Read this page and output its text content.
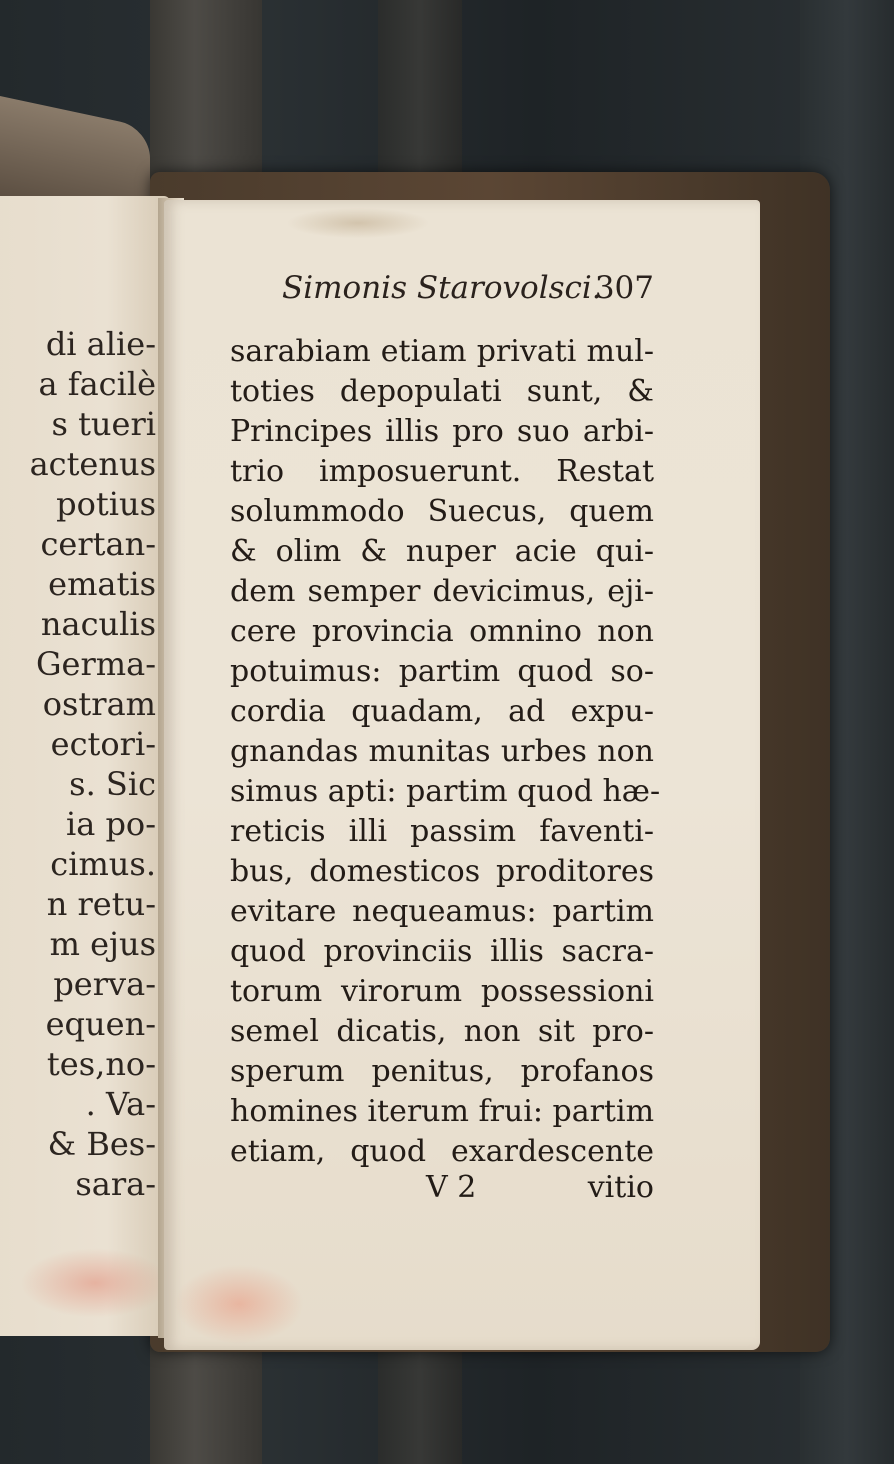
di alie-
a facilè
s tueri
actenus
potius
certan-
ematis
naculis
Germa-
ostram
ectori-
s. Sic
ia po-
cimus.
n retu-
m ejus
perva-
equen-
tes,no-
. Va-
& Bes-
sara-
Simonis Starovolsci.
307
sarabiam etiam privati mul-
toties depopulati sunt, &
Principes illis pro suo arbi-
trio imposuerunt. Restat
solummodo Suecus, quem
& olim & nuper acie qui-
dem semper devicimus, eji-
cere provincia omnino non
potuimus: partim quod so-
cordia quadam, ad expu-
gnandas munitas urbes non
simus apti: partim quod hæ-
reticis illi passim faventi-
bus, domesticos proditores
evitare nequeamus: partim
quod provinciis illis sacra-
torum virorum possessioni
semel dicatis, non sit pro-
sperum penitus, profanos
homines iterum frui: partim
etiam, quod exardescente
V 2	vitio
